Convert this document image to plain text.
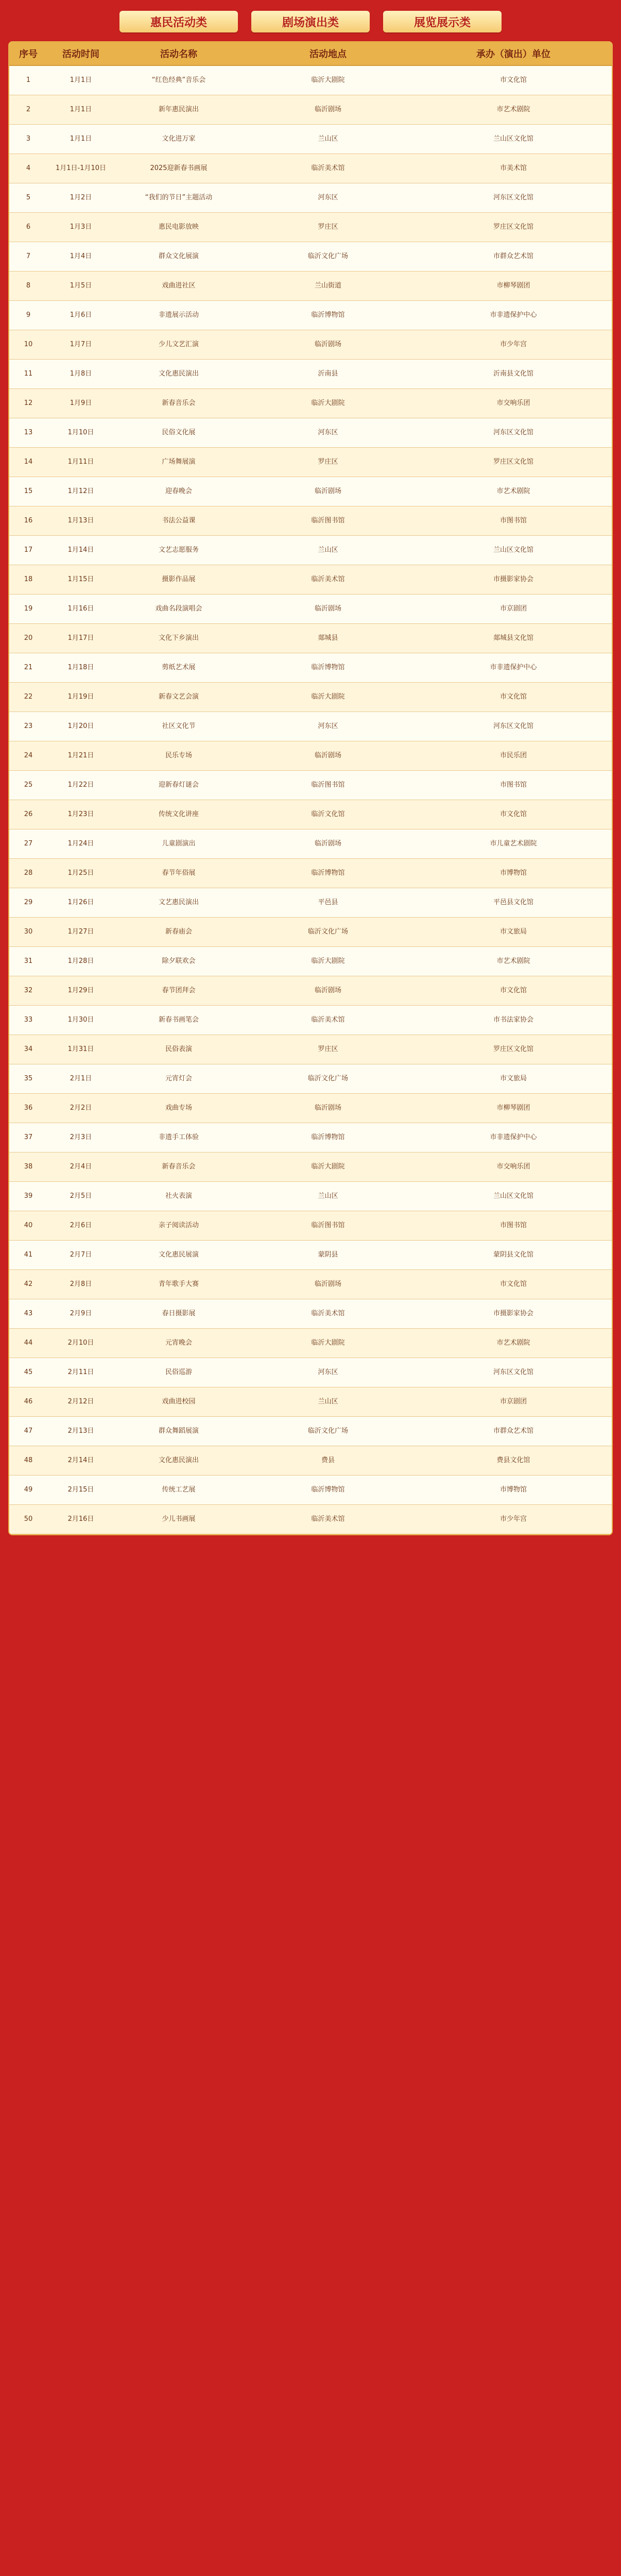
惠民活动类	剧场演出类	展览展示类
序号	活动时间	活动名称	活动地点	承办（演出）单位
1	1月1日	“红色经典”音乐会	临沂大剧院	市文化馆
2	1月1日	新年惠民演出	临沂剧场	市艺术剧院
3	1月1日	文化进万家	兰山区	兰山区文化馆
4	1月1日-1月10日	2025迎新春书画展	临沂美术馆	市美术馆
5	1月2日	“我们的节日”主题活动	河东区	河东区文化馆
6	1月3日	惠民电影放映	罗庄区	罗庄区文化馆
7	1月4日	群众文化展演	临沂文化广场	市群众艺术馆
8	1月5日	戏曲进社区	兰山街道	市柳琴剧团
9	1月6日	非遗展示活动	临沂博物馆	市非遗保护中心
10	1月7日	少儿文艺汇演	临沂剧场	市少年宫
11	1月8日	文化惠民演出	沂南县	沂南县文化馆
12	1月9日	新春音乐会	临沂大剧院	市交响乐团
13	1月10日	民俗文化展	河东区	河东区文化馆
14	1月11日	广场舞展演	罗庄区	罗庄区文化馆
15	1月12日	迎春晚会	临沂剧场	市艺术剧院
16	1月13日	书法公益课	临沂图书馆	市图书馆
17	1月14日	文艺志愿服务	兰山区	兰山区文化馆
18	1月15日	摄影作品展	临沂美术馆	市摄影家协会
19	1月16日	戏曲名段演唱会	临沂剧场	市京剧团
20	1月17日	文化下乡演出	郯城县	郯城县文化馆
21	1月18日	剪纸艺术展	临沂博物馆	市非遗保护中心
22	1月19日	新春文艺会演	临沂大剧院	市文化馆
23	1月20日	社区文化节	河东区	河东区文化馆
24	1月21日	民乐专场	临沂剧场	市民乐团
25	1月22日	迎新春灯谜会	临沂图书馆	市图书馆
26	1月23日	传统文化讲座	临沂文化馆	市文化馆
27	1月24日	儿童剧演出	临沂剧场	市儿童艺术剧院
28	1月25日	春节年俗展	临沂博物馆	市博物馆
29	1月26日	文艺惠民演出	平邑县	平邑县文化馆
30	1月27日	新春庙会	临沂文化广场	市文旅局
31	1月28日	除夕联欢会	临沂大剧院	市艺术剧院
32	1月29日	春节团拜会	临沂剧场	市文化馆
33	1月30日	新春书画笔会	临沂美术馆	市书法家协会
34	1月31日	民俗表演	罗庄区	罗庄区文化馆
35	2月1日	元宵灯会	临沂文化广场	市文旅局
36	2月2日	戏曲专场	临沂剧场	市柳琴剧团
37	2月3日	非遗手工体验	临沂博物馆	市非遗保护中心
38	2月4日	新春音乐会	临沂大剧院	市交响乐团
39	2月5日	社火表演	兰山区	兰山区文化馆
40	2月6日	亲子阅读活动	临沂图书馆	市图书馆
41	2月7日	文化惠民展演	蒙阴县	蒙阴县文化馆
42	2月8日	青年歌手大赛	临沂剧场	市文化馆
43	2月9日	春日摄影展	临沂美术馆	市摄影家协会
44	2月10日	元宵晚会	临沂大剧院	市艺术剧院
45	2月11日	民俗巡游	河东区	河东区文化馆
46	2月12日	戏曲进校园	兰山区	市京剧团
47	2月13日	群众舞蹈展演	临沂文化广场	市群众艺术馆
48	2月14日	文化惠民演出	费县	费县文化馆
49	2月15日	传统工艺展	临沂博物馆	市博物馆
50	2月16日	少儿书画展	临沂美术馆	市少年宫
